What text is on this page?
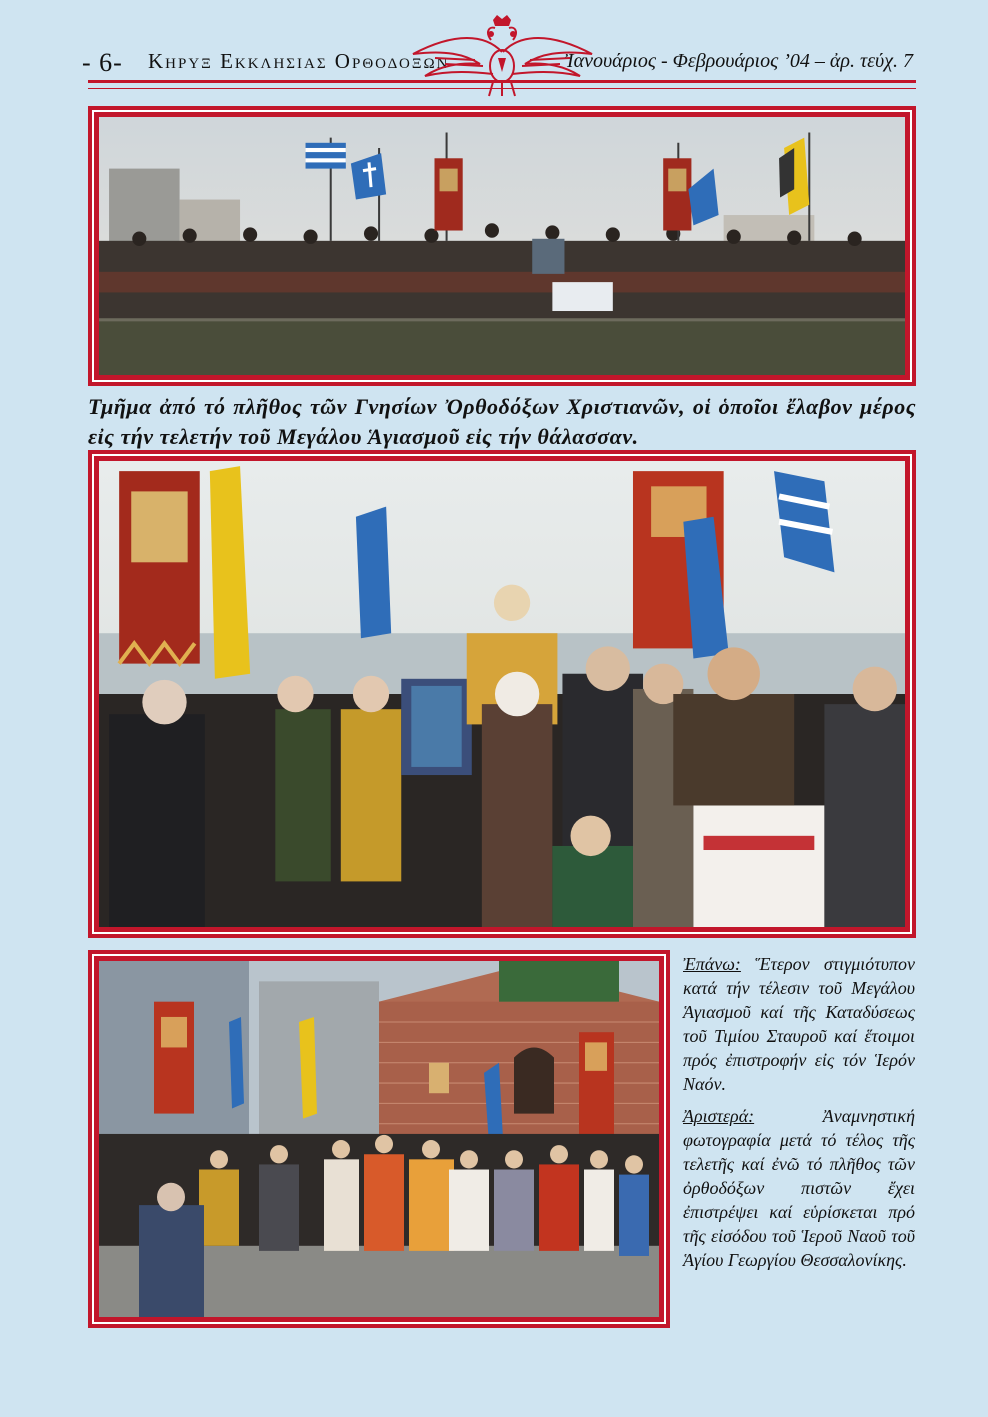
- 6- Κηρυξ Εκκλησιας Ορθοδοξων	Ἰανουάριος - Φεβρουάριος ’04 – ἀρ. τεύχ. 7
Τμῆμα ἀπό τό πλῆθος τῶν Γνησίων Ὀρθοδόξων Χριστιανῶν, οἱ ὁποῖοι ἔλαβον μέρος εἰς τήν τελετήν τοῦ Μεγάλου Ἁγιασμοῦ εἰς τήν θάλασσαν.

Ἐπάνω: Ἕτερον στιγμιότυπον κατά τήν τέλεσιν τοῦ Μεγάλου Ἁγιασμοῦ καί τῆς Καταδύσεως τοῦ Τιμίου Σταυροῦ καί ἕτοιμοι πρός ἐπιστροφήν εἰς τόν Ἱερόν Ναόν.

Ἀριστερά: Ἀναμνηστική φωτογραφία μετά τό τέλος τῆς τελετῆς καί ἐνῶ τό πλῆθος τῶν ὀρθοδόξων πιστῶν ἔχει ἐπιστρέψει καί εὑρίσκεται πρό τῆς εἰσόδου τοῦ Ἱεροῦ Ναοῦ τοῦ Ἁγίου Γεωργίου Θεσσαλονίκης.
